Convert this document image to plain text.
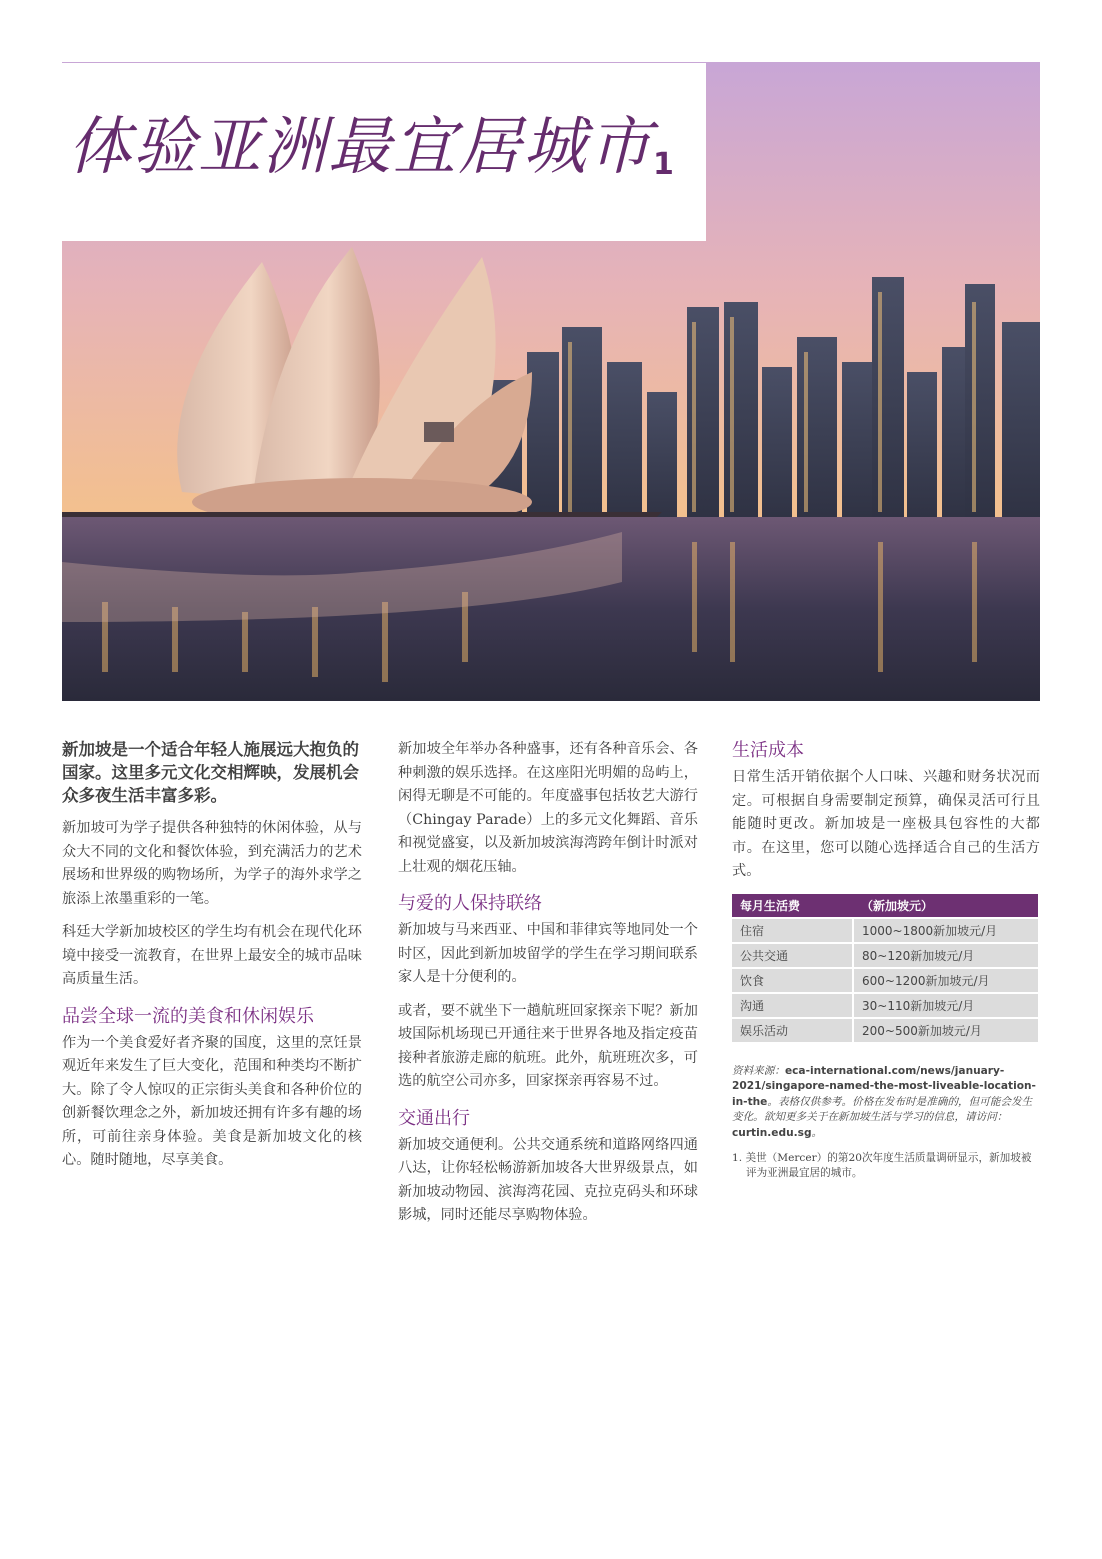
体验亚洲最宜居城市$^1$

新加坡是一个适合年轻人施展远大抱负的国家。这里多元文化交相辉映，发展机会众多夜生活丰富多彩。

新加坡可为学子提供各种独特的休闲体验，从与众大不同的文化和餐饮体验，到充满活力的艺术展场和世界级的购物场所，为学子的海外求学之旅添上浓墨重彩的一笔。

科廷大学新加坡校区的学生均有机会在现代化环境中接受一流教育，在世界上最安全的城市品味高质量生活。

品尝全球一流的美食和休闲娱乐

作为一个美食爱好者齐聚的国度，这里的烹饪景观近年来发生了巨大变化，范围和种类均不断扩大。除了令人惊叹的正宗街头美食和各种价位的创新餐饮理念之外，新加坡还拥有许多有趣的场所，可前往亲身体验。美食是新加坡文化的核心。随时随地，尽享美食。

新加坡全年举办各种盛事，还有各种音乐会、各种刺激的娱乐选择。在这座阳光明媚的岛屿上，闲得无聊是不可能的。年度盛事包括妆艺大游行（Chingay Parade）上的多元文化舞蹈、音乐和视觉盛宴，以及新加坡滨海湾跨年倒计时派对上壮观的烟花压轴。

与爱的人保持联络

新加坡与马来西亚、中国和菲律宾等地同处一个时区，因此到新加坡留学的学生在学习期间联系家人是十分便利的。

或者，要不就坐下一趟航班回家探亲下呢？新加坡国际机场现已开通往来于世界各地及指定疫苗接种者旅游走廊的航班。此外，航班班次多，可选的航空公司亦多，回家探亲再容易不过。

交通出行

新加坡交通便利。公共交通系统和道路网络四通八达，让你轻松畅游新加坡各大世界级景点，如新加坡动物园、滨海湾花园、克拉克码头和环球影城，同时还能尽享购物体验。

生活成本

日常生活开销依据个人口味、兴趣和财务状况而定。可根据自身需要制定预算，确保灵活可行且能随时更改。新加坡是一座极具包容性的大都市。在这里，您可以随心选择适合自己的生活方式。

每月生活费	（新加坡元）
住宿	1000~1800新加坡元/月
公共交通	80~120新加坡元/月
饮食	600~1200新加坡元/月
沟通	30~110新加坡元/月
娱乐活动	200~500新加坡元/月

资料来源：eca-international.com/news/january-2021/singapore-named-the-most-liveable-location-in-the。表格仅供参考。价格在发布时是准确的，但可能会发生变化。欲知更多关于在新加坡生活与学习的信息，请访问：curtin.edu.sg。

1. 美世（Mercer）的第20次年度生活质量调研显示，新加坡被评为亚洲最宜居的城市。
